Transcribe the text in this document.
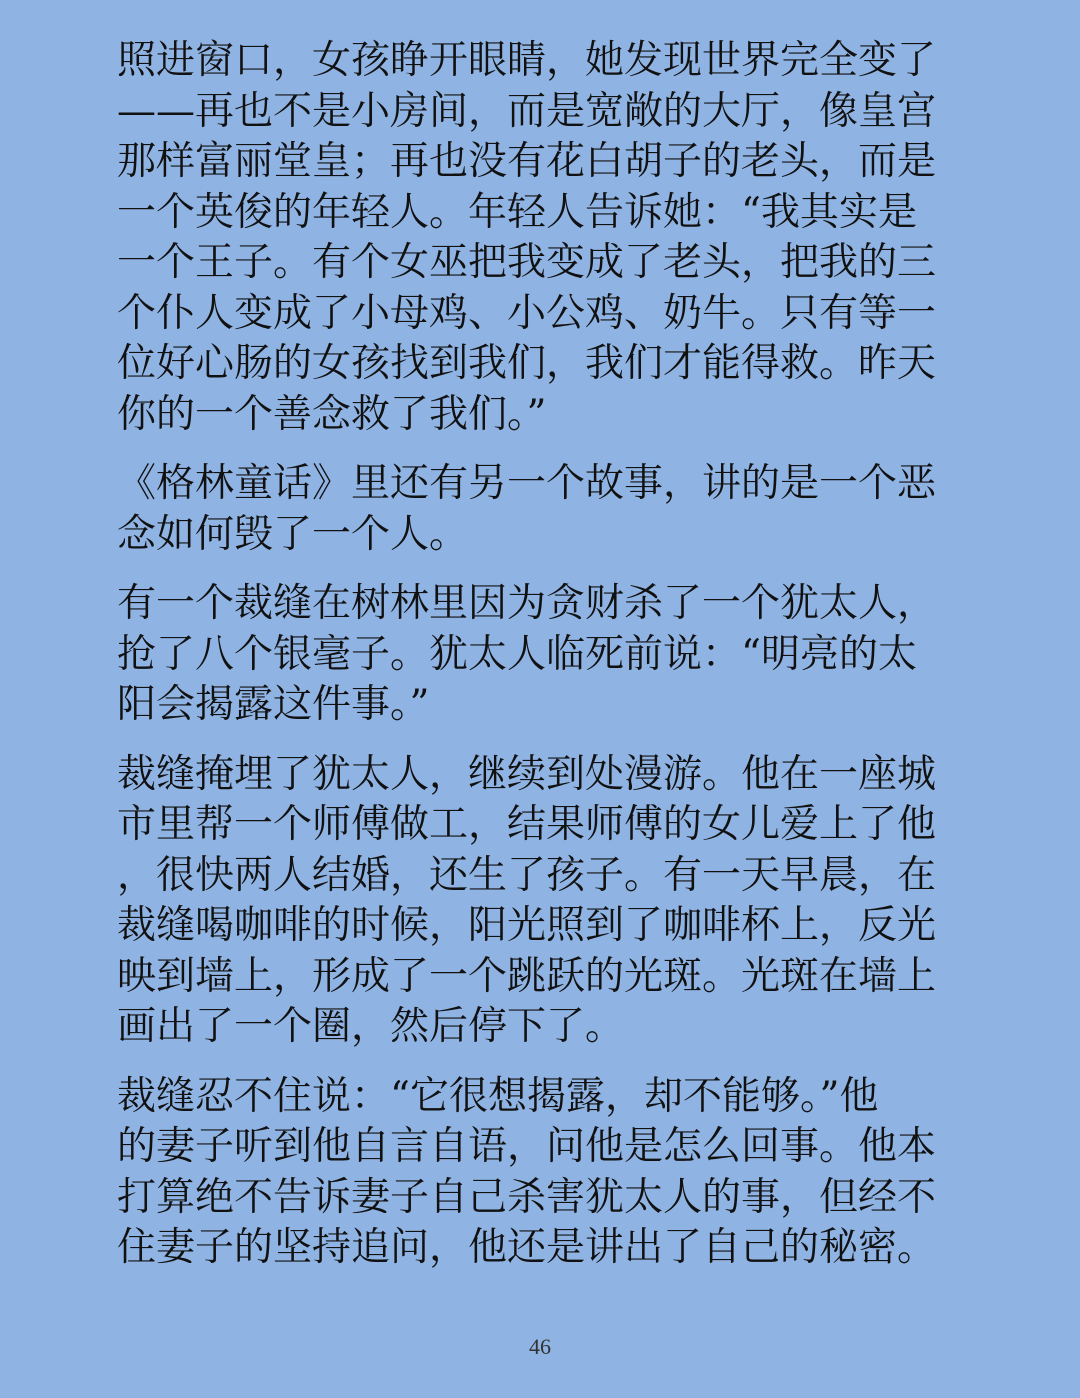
照进窗口，女孩睁开眼睛，她发现世界完全变了
——再也不是小房间，而是宽敞的大厅，像皇宫
那样富丽堂皇；再也没有花白胡子的老头，而是
一个英俊的年轻人。年轻人告诉她：“我其实是
一个王子。有个女巫把我变成了老头，把我的三
个仆人变成了小母鸡、小公鸡、奶牛。只有等一
位好心肠的女孩找到我们，我们才能得救。昨天
你的一个善念救了我们。”
《格林童话》里还有另一个故事，讲的是一个恶
念如何毁了一个人。
有一个裁缝在树林里因为贪财杀了一个犹太人，
抢了八个银毫子。犹太人临死前说：“明亮的太
阳会揭露这件事。”
裁缝掩埋了犹太人，继续到处漫游。他在一座城
市里帮一个师傅做工，结果师傅的女儿爱上了他
，很快两人结婚，还生了孩子。有一天早晨，在
裁缝喝咖啡的时候，阳光照到了咖啡杯上，反光
映到墙上，形成了一个跳跃的光斑。光斑在墙上
画出了一个圈，然后停下了。
裁缝忍不住说：“它很想揭露，却不能够。”他
的妻子听到他自言自语，问他是怎么回事。他本
打算绝不告诉妻子自己杀害犹太人的事，但经不
住妻子的坚持追问，他还是讲出了自己的秘密。
46
